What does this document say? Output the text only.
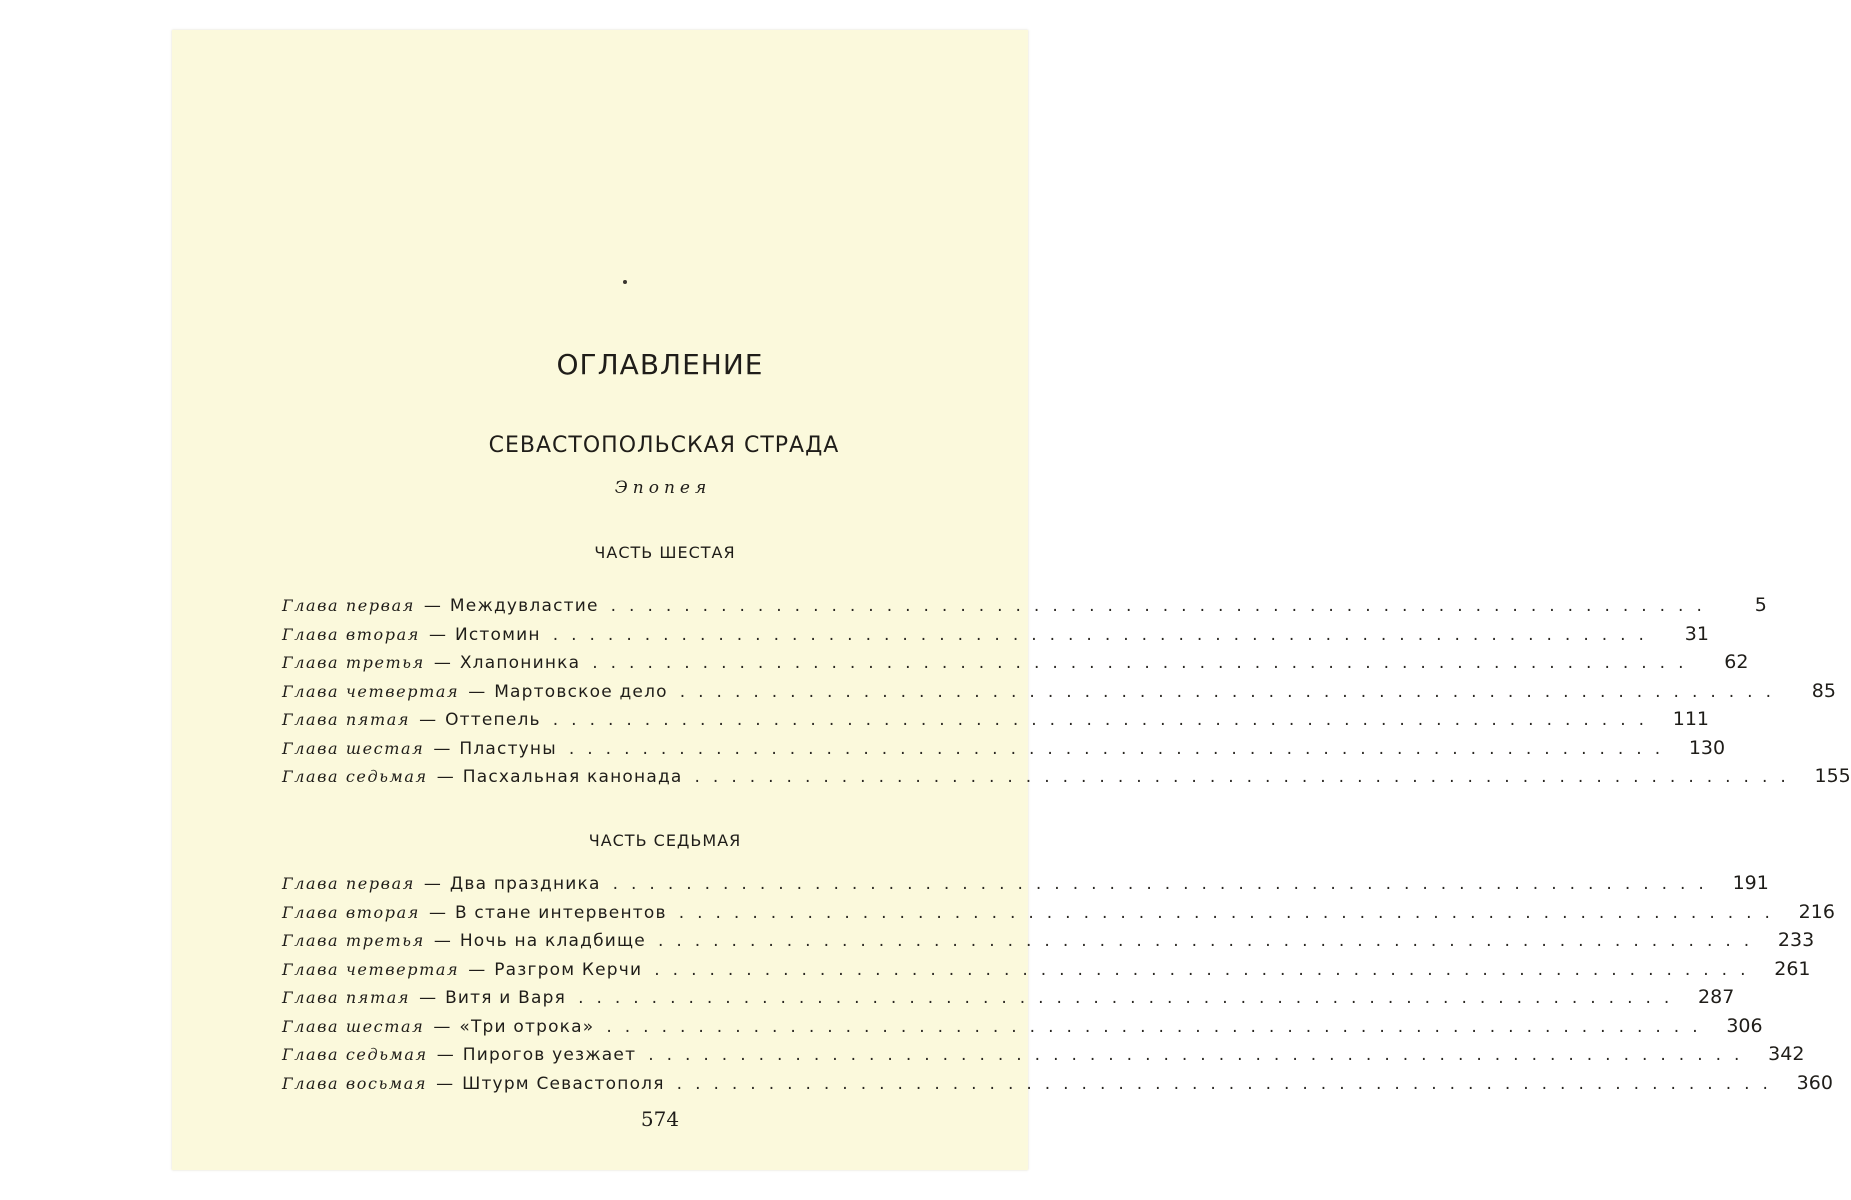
ОГЛАВЛЕНИЕ
СЕВАСТОПОЛЬСКАЯ СТРАДА
Эпопея
ЧАСТЬ ШЕСТАЯ
Глава первая — Междувластие ............................................................	5
Глава вторая — Истомин ............................................................	31
Глава третья — Хлапонинка ............................................................	62
Глава четвертая — Мартовское дело ............................................................	85
Глава пятая — Оттепель ............................................................ 111
Глава шестая — Пластуны ............................................................ 130
Глава седьмая — Пасхальная канонада ............................................................ 155
ЧАСТЬ СЕДЬМАЯ
Глава первая — Два праздника ............................................................ 191
Глава вторая — В стане интервентов ............................................................ 216
Глава третья — Ночь на кладбище ............................................................ 233
Глава четвертая — Разгром Керчи ............................................................ 261
Глава пятая — Витя и Варя ............................................................ 287
Глава шестая — «Три отрока» ............................................................ 306
Глава седьмая — Пирогов уезжает ............................................................ 342
Глава восьмая — Штурм Севастополя ............................................................ 360
574
